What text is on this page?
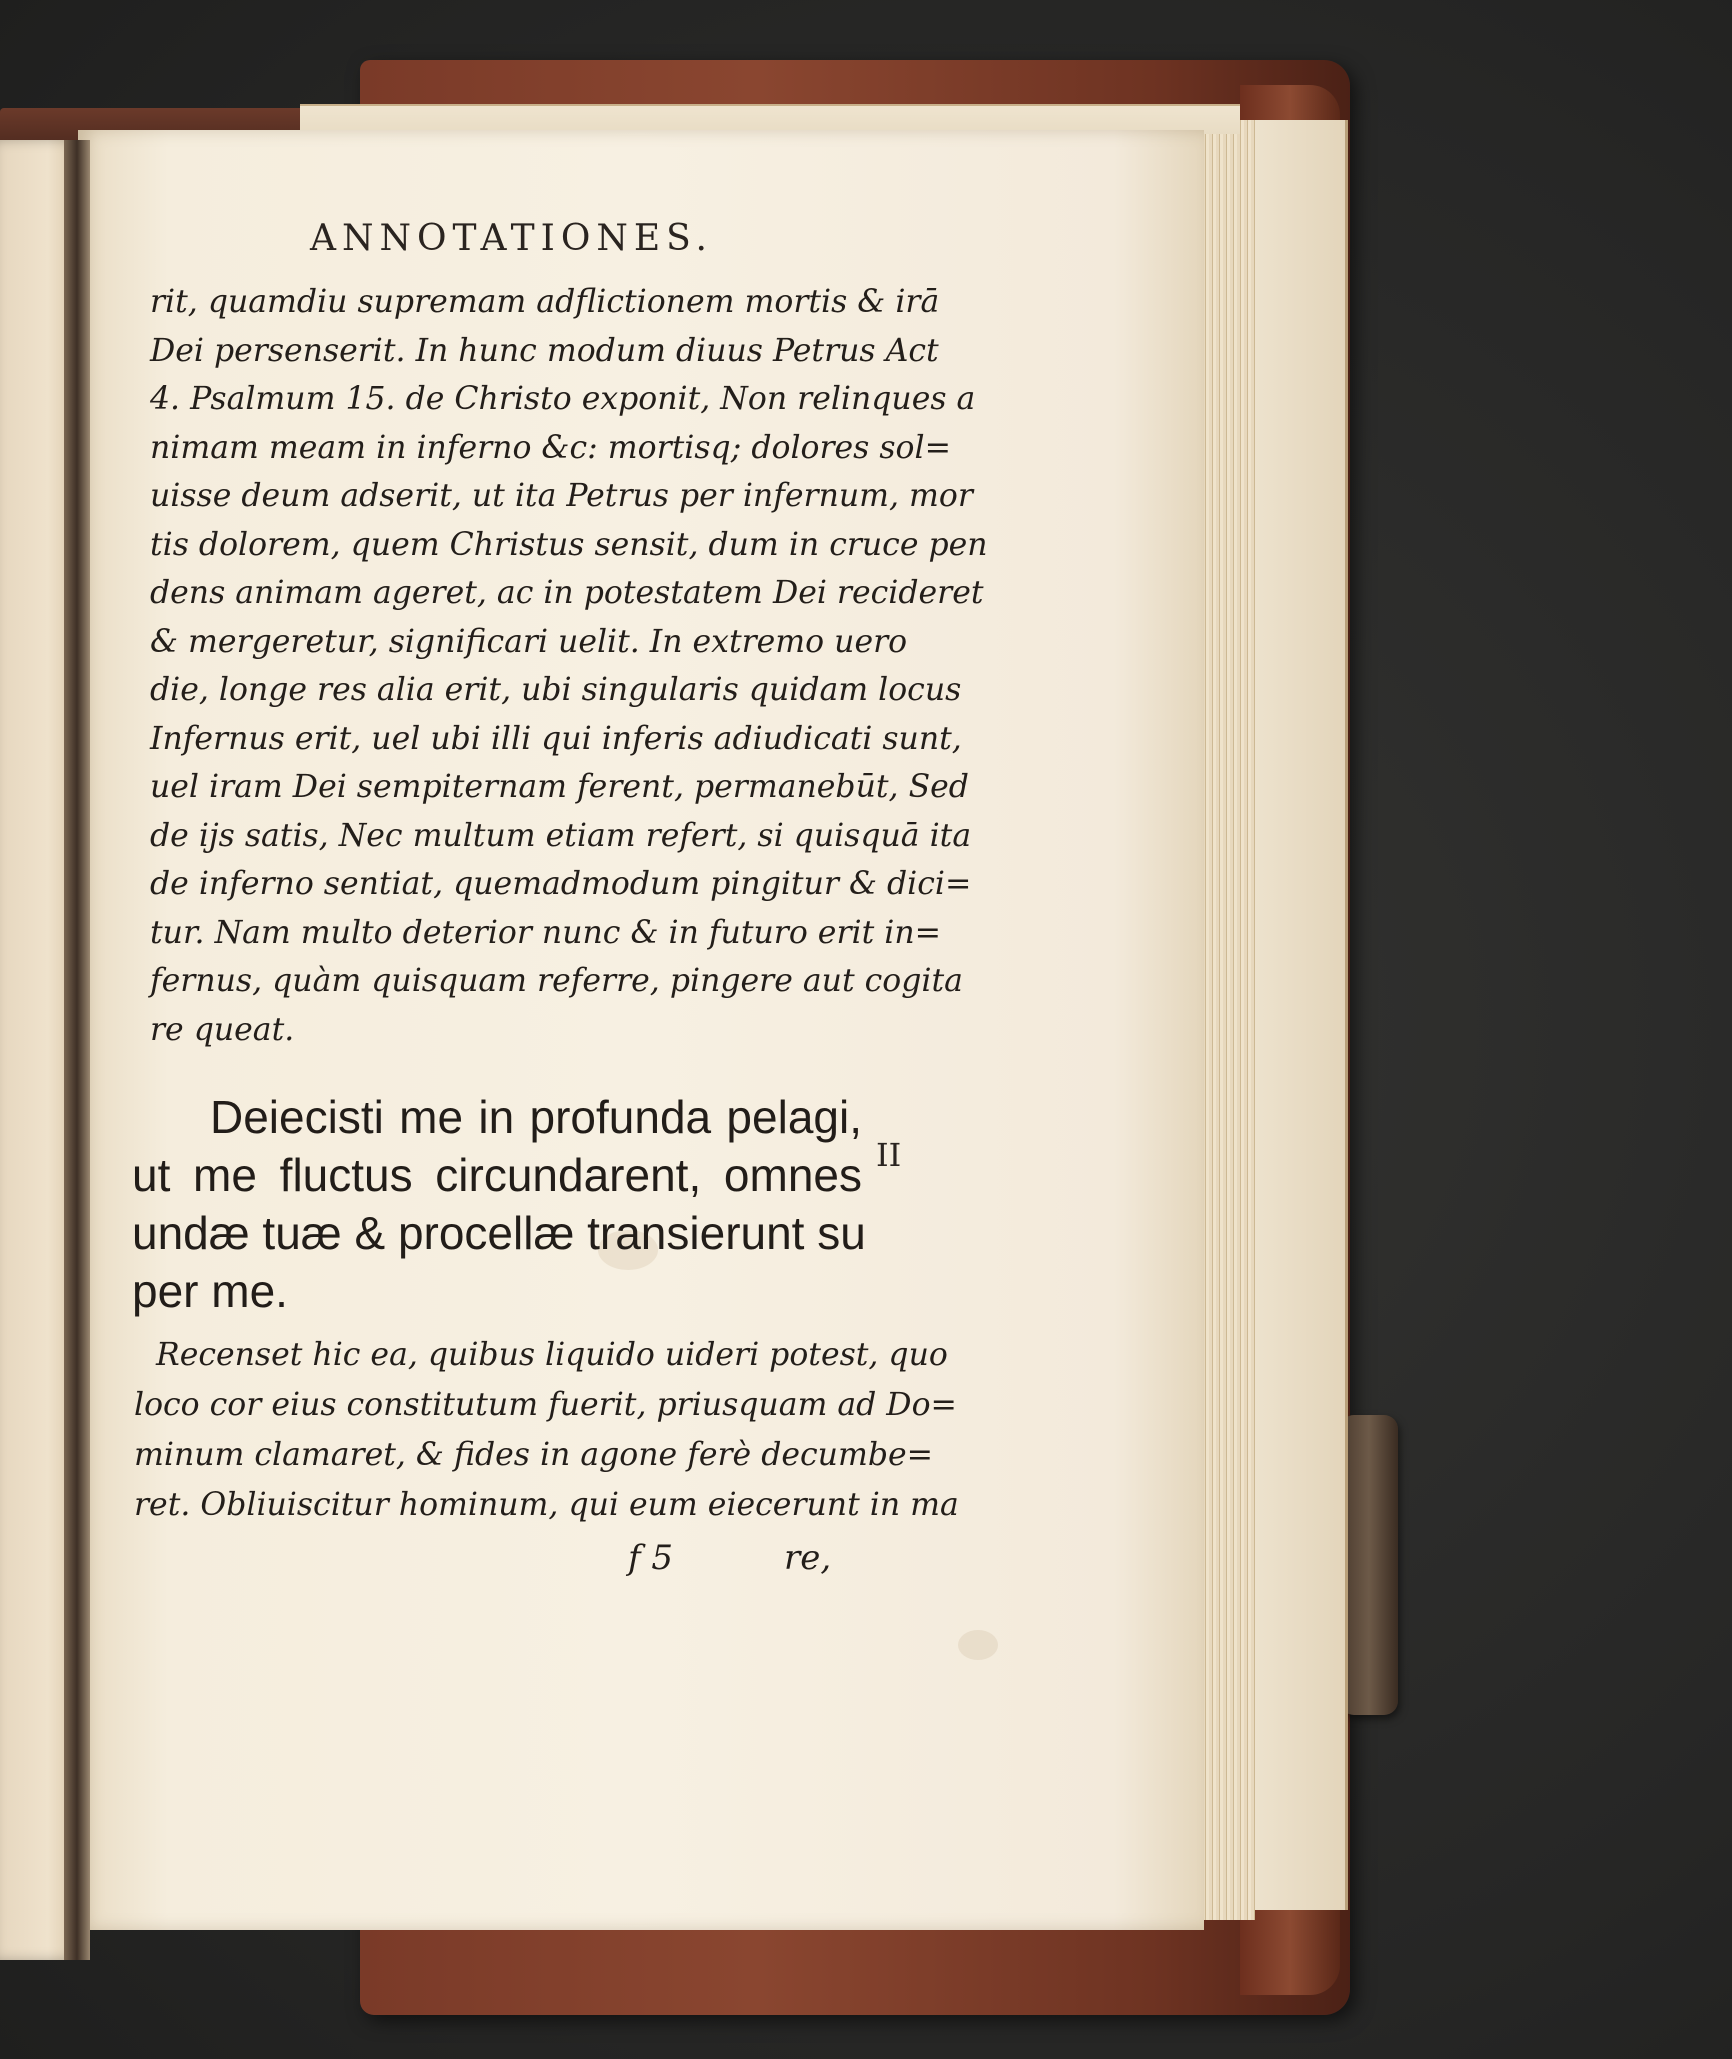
ANNOTATIONES.
rit, quamdiu supremam adflictionem mortis & irā
Dei persenserit. In hunc modum diuus Petrus Act
4. Psalmum 15. de Christo exponit, Non relinques a
nimam meam in inferno &c: mortisq; dolores sol=
uisse deum adserit, ut ita Petrus per infernum, mor
tis dolorem, quem Christus sensit, dum in cruce pen
dens animam ageret, ac in potestatem Dei recideret
& mergeretur, significari uelit. In extremo uero
die, longe res alia erit, ubi singularis quidam locus
Infernus erit, uel ubi illi qui inferis adiudicati sunt,
uel iram Dei sempiternam ferent, permanebūt, Sed
de ijs satis, Nec multum etiam refert, si quisquā ita
de inferno sentiat, quemadmodum pingitur & dici=
tur. Nam multo deterior nunc & in futuro erit in=
fernus, quàm quisquam referre, pingere aut cogita
re queat.
Deiecisti me in profunda pelagi,
ut me fluctus circundarent, omnes
undæ tuæ & procellæ transierunt su
per me.
II
Recenset hic ea, quibus liquido uideri potest, quo
loco cor eius constitutum fuerit, priusquam ad Do=
minum clamaret, & fides in agone ferè decumbe=
ret. Obliuiscitur hominum, qui eum eiecerunt in ma
f 5	re,
